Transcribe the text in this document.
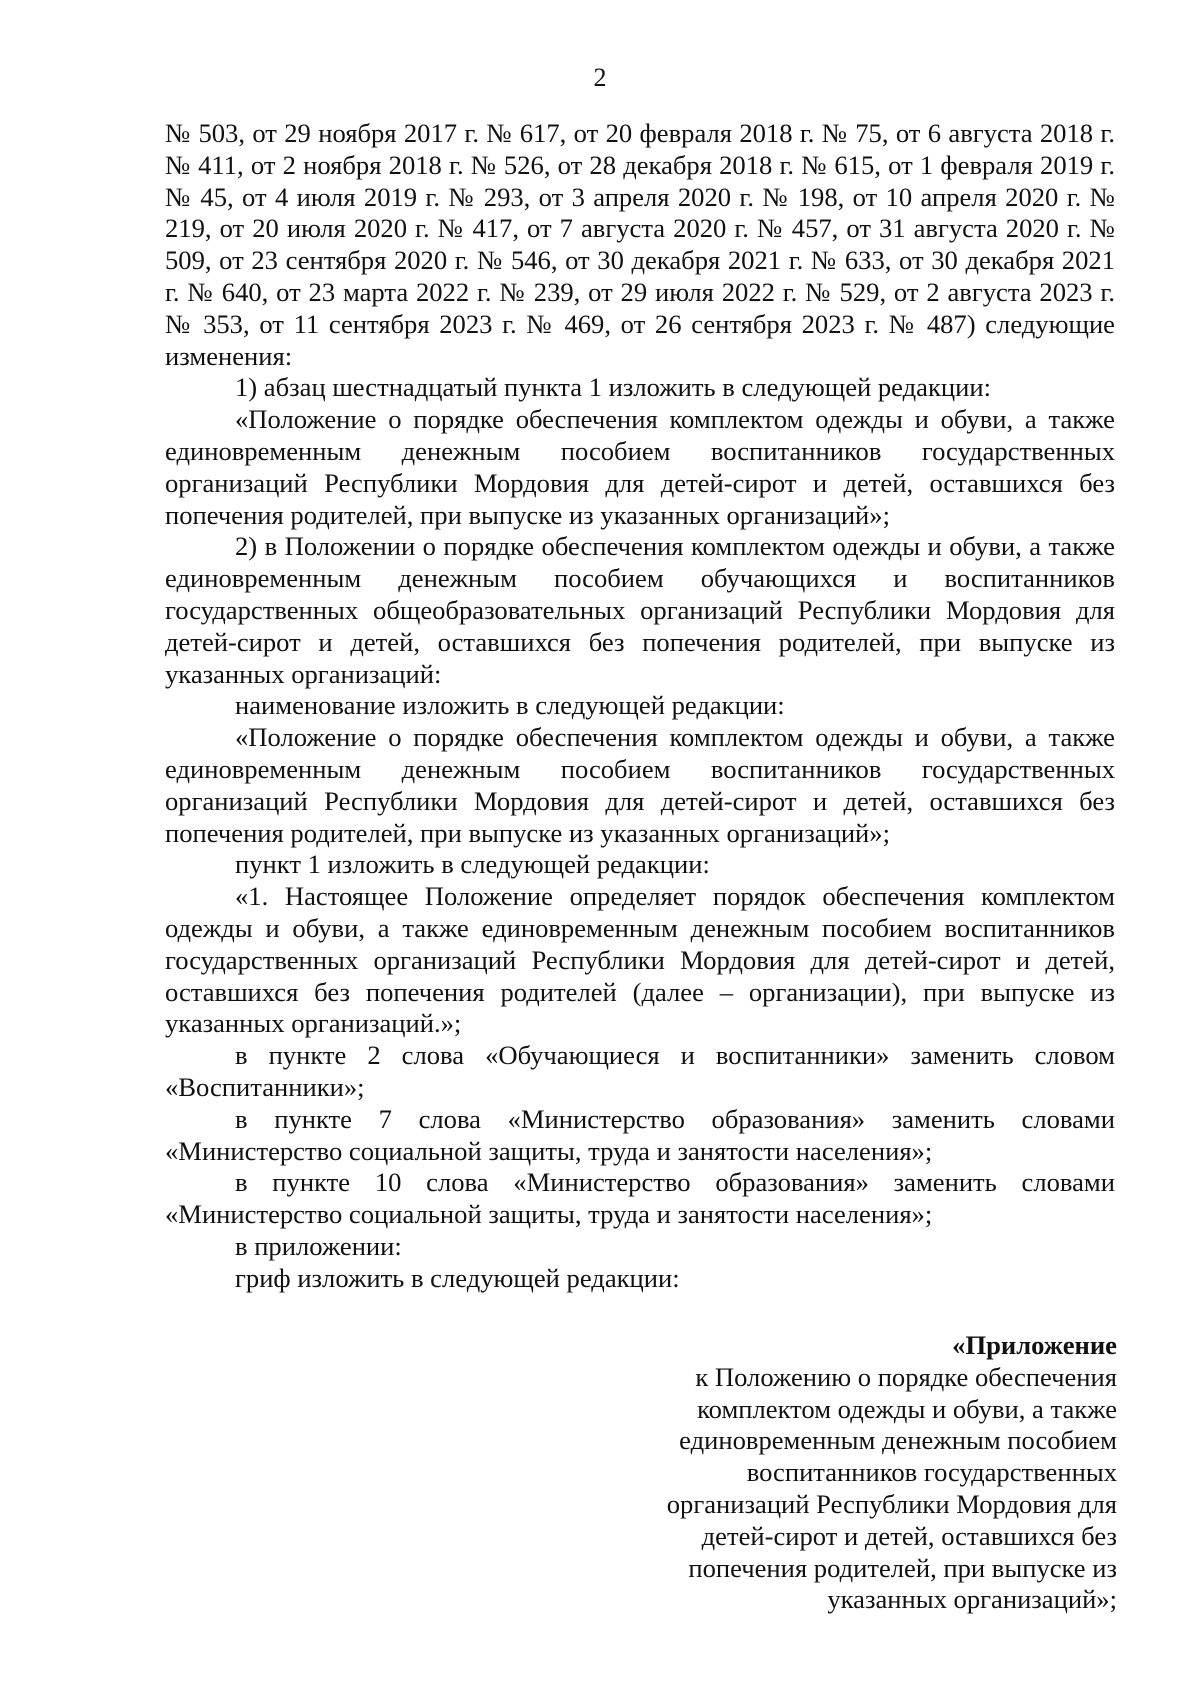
2

№ 503, от 29 ноября 2017 г. № 617, от 20 февраля 2018 г. № 75, от 6 августа 2018 г. № 411, от 2 ноября 2018 г. № 526, от 28 декабря 2018 г. № 615, от 1 февраля 2019 г. № 45, от 4 июля 2019 г. № 293, от 3 апреля 2020 г. № 198, от 10 апреля 2020 г. № 219, от 20 июля 2020 г. № 417, от 7 августа 2020 г. № 457, от 31 августа 2020 г. № 509, от 23 сентября 2020 г. № 546, от 30 декабря 2021 г. № 633, от 30 декабря 2021 г. № 640, от 23 марта 2022 г. № 239, от 29 июля 2022 г. № 529, от 2 августа 2023 г. № 353, от 11 сентября 2023 г. № 469, от 26 сентября 2023 г. № 487) следующие изменения:

1) абзац шестнадцатый пункта 1 изложить в следующей редакции:

«Положение о порядке обеспечения комплектом одежды и обуви, а также единовременным денежным пособием воспитанников государственных организаций Республики Мордовия для детей-сирот и детей, оставшихся без попечения родителей, при выпуске из указанных организаций»;

2) в Положении о порядке обеспечения комплектом одежды и обуви, а также единовременным денежным пособием обучающихся и воспитанников государственных общеобразовательных организаций Республики Мордовия для детей-сирот и детей, оставшихся без попечения родителей, при выпуске из указанных организаций:

наименование изложить в следующей редакции:

«Положение о порядке обеспечения комплектом одежды и обуви, а также единовременным денежным пособием воспитанников государственных организаций Республики Мордовия для детей-сирот и детей, оставшихся без попечения родителей, при выпуске из указанных организаций»;

пункт 1 изложить в следующей редакции:

«1. Настоящее Положение определяет порядок обеспечения комплектом одежды и обуви, а также единовременным денежным пособием воспитанников государственных организаций Республики Мордовия для детей-сирот и детей, оставшихся без попечения родителей (далее – организации), при выпуске из указанных организаций.»;

в пункте 2 слова «Обучающиеся и воспитанники» заменить словом «Воспитанники»;

в пункте 7 слова «Министерство образования» заменить словами «Министерство социальной защиты, труда и занятости населения»;

в пункте 10 слова «Министерство образования» заменить словами «Министерство социальной защиты, труда и занятости населения»;

в приложении:

гриф изложить в следующей редакции:

«Приложение

к Положению о порядке обеспечения

комплектом одежды и обуви, а также

единовременным денежным пособием

воспитанников государственных

организаций Республики Мордовия для

детей-сирот и детей, оставшихся без

попечения родителей, при выпуске из

указанных организаций»;
